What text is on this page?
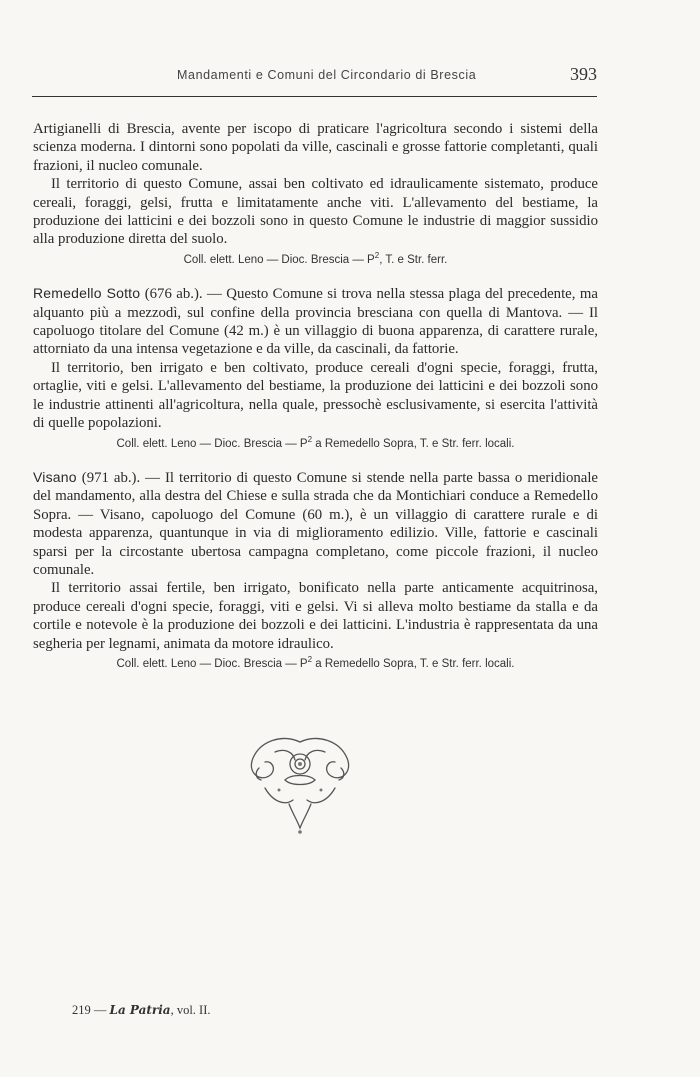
Mandamenti e Comuni del Circondario di Brescia	393

Artigianelli di Brescia, avente per iscopo di praticare l'agricoltura secondo i sistemi della scienza moderna. I dintorni sono popolati da ville, cascinali e grosse fattorie completanti, quali frazioni, il nucleo comunale.

Il territorio di questo Comune, assai ben coltivato ed idraulicamente sistemato, produce cereali, foraggi, gelsi, frutta e limitatamente anche viti. L'allevamento del bestiame, la produzione dei latticini e dei bozzoli sono in questo Comune le industrie di maggior sussidio alla produzione diretta del suolo.

Coll. elett. Leno — Dioc. Brescia — $P^2$, T. e Str. ferr.

Remedello Sotto (676 ab.). — Questo Comune si trova nella stessa plaga del precedente, ma alquanto più a mezzodì, sul confine della provincia bresciana con quella di Mantova. — Il capoluogo titolare del Comune (42 m.) è un villaggio di buona apparenza, di carattere rurale, attorniato da una intensa vegetazione e da ville, da cascinali, da fattorie.

Il territorio, ben irrigato e ben coltivato, produce cereali d'ogni specie, foraggi, frutta, ortaglie, viti e gelsi. L'allevamento del bestiame, la produzione dei latticini e dei bozzoli sono le industrie attinenti all'agricoltura, nella quale, pressochè esclusivamente, si esercita l'attività di quelle popolazioni.

Coll. elett. Leno — Dioc. Brescia — $P^2$ a Remedello Sopra, T. e Str. ferr. locali.

Visano (971 ab.). — Il territorio di questo Comune si stende nella parte bassa o meridionale del mandamento, alla destra del Chiese e sulla strada che da Montichiari conduce a Remedello Sopra. — Visano, capoluogo del Comune (60 m.), è un villaggio di carattere rurale e di modesta apparenza, quantunque in via di miglioramento edilizio. Ville, fattorie e cascinali sparsi per la circostante ubertosa campagna completano, come piccole frazioni, il nucleo comunale.

Il territorio assai fertile, ben irrigato, bonificato nella parte anticamente acquitrinosa, produce cereali d'ogni specie, foraggi, viti e gelsi. Vi si alleva molto bestiame da stalla e da cortile e notevole è la produzione dei bozzoli e dei latticini. L'industria è rappresentata da una segheria per legnami, animata da motore idraulico.

Coll. elett. Leno — Dioc. Brescia — $P^2$ a Remedello Sopra, T. e Str. ferr. locali.

219 — La Patria, vol. II.
